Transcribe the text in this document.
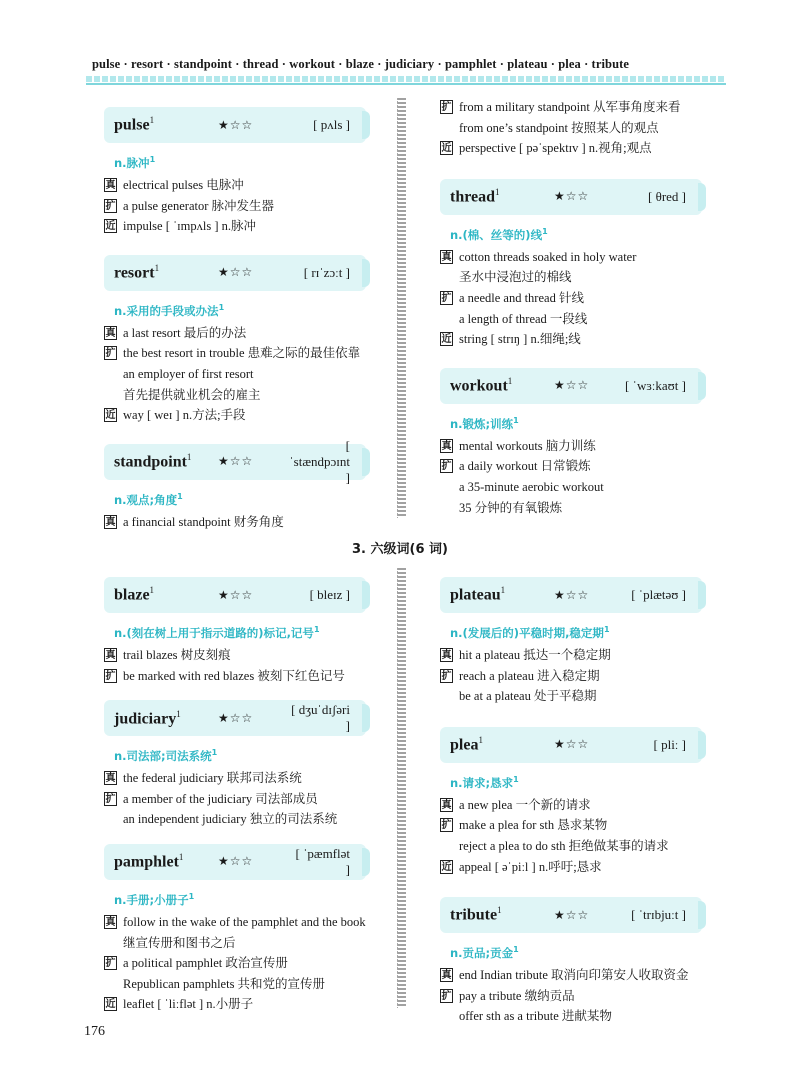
pulse · resort · standpoint · thread · workout · blaze · judiciary · pamphlet · plateau · plea · tribute
pulse$^1$	★☆☆	[ pʌls ]
n.脉冲$^1$
真 electrical pulses 电脉冲
扩 a pulse generator 脉冲发生器
近 impulse [ ˈɪmpʌls ] n.脉冲
resort$^1$	★☆☆	[ rɪˈzɔːt ]
n.采用的手段或办法$^1$
真 a last resort 最后的办法
扩 the best resort in trouble 患难之际的最佳依靠
an employer of first resort
首先提供就业机会的雇主
近 way [ weɪ ] n.方法;手段
standpoint$^1$	★☆☆
[ ˈstændpɔɪnt ]
n.观点;角度$^1$
真 a financial standpoint 财务角度
扩 from a military standpoint 从军事角度来看
from one’s standpoint 按照某人的观点
近 perspective [ pəˈspektɪv ] n.视角;观点
thread$^1$	★☆☆	[ θred ]
n.(棉、丝等的)线$^1$
真 cotton threads soaked in holy water
圣水中浸泡过的棉线
扩 a needle and thread 针线
a length of thread 一段线
近 string [ strɪŋ ] n.细绳;线
workout$^1$	★☆☆	[ ˈwɜːkaʊt ]
n.锻炼;训练$^1$
真 mental workouts 脑力训练
扩 a daily workout 日常锻炼
a 35-minute aerobic workout
35 分钟的有氧锻炼
3. 六级词(6 词)
blaze$^1$	★☆☆	[ bleɪz ]
n.(刻在树上用于指示道路的)标记,记号$^1$
真 trail blazes 树皮刻痕
扩 be marked with red blazes 被刻下红色记号
judiciary$^1$	★☆☆
[ dʒuˈdɪʃəri ]
n.司法部;司法系统$^1$
真 the federal judiciary 联邦司法系统
扩 a member of the judiciary 司法部成员
an independent judiciary 独立的司法系统
pamphlet$^1$	★☆☆
[ ˈpæmflət ]
n.手册;小册子$^1$
真 follow in the wake of the pamphlet and the book
继宣传册和图书之后
扩 a political pamphlet 政治宣传册
Republican pamphlets 共和党的宣传册
近 leaflet [ ˈliːflət ] n.小册子
plateau$^1$	★☆☆	[ ˈplætəʊ ]
n.(发展后的)平稳时期,稳定期$^1$
真 hit a plateau 抵达一个稳定期
扩 reach a plateau 进入稳定期
be at a plateau 处于平稳期
plea$^1$	★☆☆	[ pliː ]
n.请求;恳求$^1$
真 a new plea 一个新的请求
扩 make a plea for sth 恳求某物
reject a plea to do sth 拒绝做某事的请求
近 appeal [ əˈpiːl ] n.呼吁;恳求
tribute$^1$	★☆☆	[ ˈtrɪbjuːt ]
n.贡品;贡金$^1$
真 end Indian tribute 取消向印第安人收取资金
扩 pay a tribute 缴纳贡品
offer sth as a tribute 进献某物
176
